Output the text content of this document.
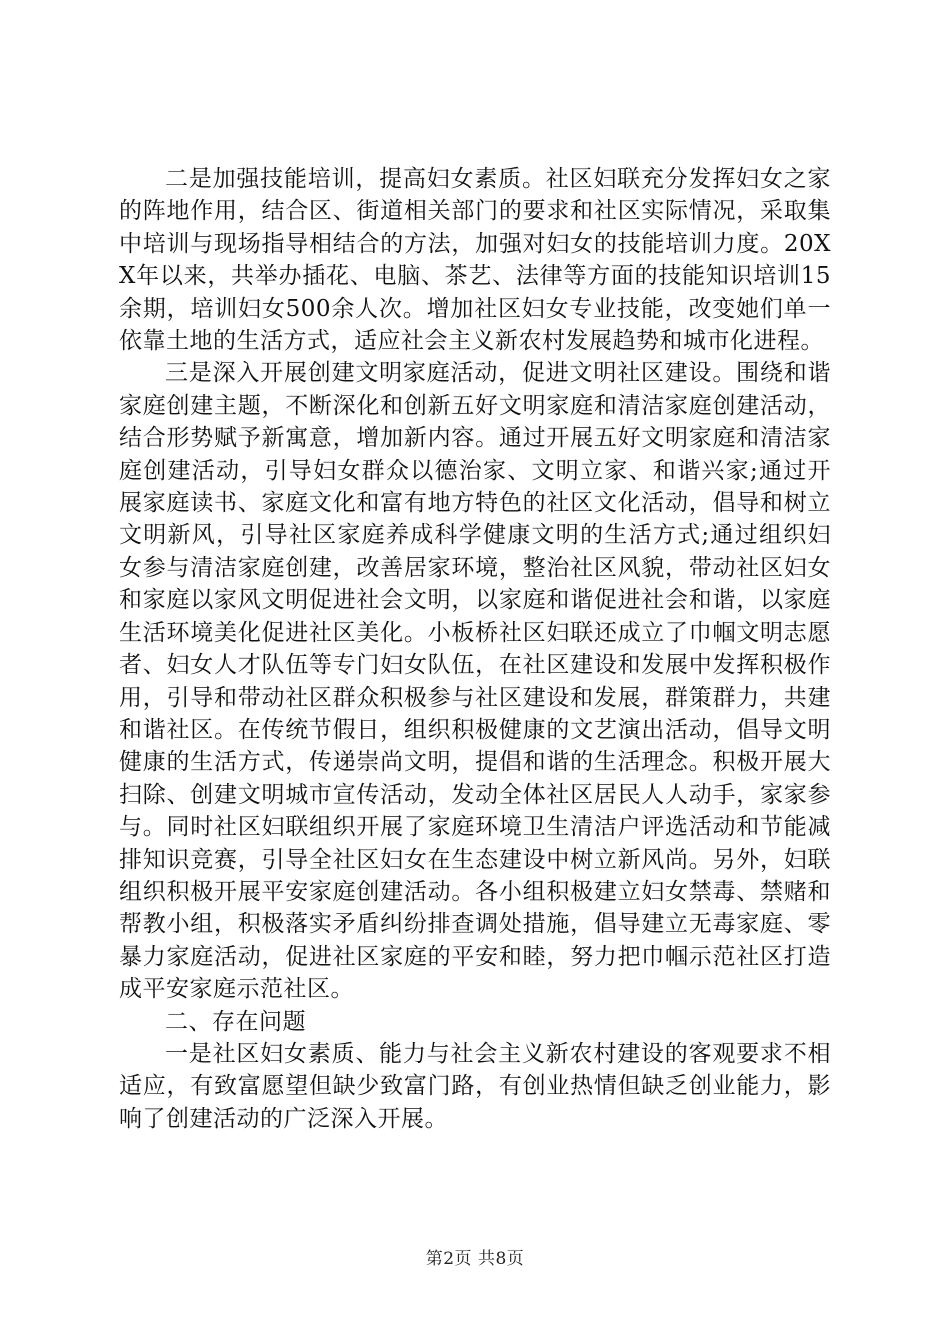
二是加强技能培训，提高妇女素质。社区妇联充分发挥妇女之家的阵地作用，结合区、街道相关部门的要求和社区实际情况，采取集中培训与现场指导相结合的方法，加强对妇女的技能培训力度。20XX年以来，共举办插花、电脑、茶艺、法律等方面的技能知识培训15余期，培训妇女500余人次。增加社区妇女专业技能，改变她们单一依靠土地的生活方式，适应社会主义新农村发展趋势和城市化进程。

三是深入开展创建文明家庭活动，促进文明社区建设。围绕和谐家庭创建主题，不断深化和创新五好文明家庭和清洁家庭创建活动，结合形势赋予新寓意，增加新内容。通过开展五好文明家庭和清洁家庭创建活动，引导妇女群众以德治家、文明立家、和谐兴家;通过开展家庭读书、家庭文化和富有地方特色的社区文化活动，倡导和树立文明新风，引导社区家庭养成科学健康文明的生活方式;通过组织妇女参与清洁家庭创建，改善居家环境，整治社区风貌，带动社区妇女和家庭以家风文明促进社会文明，以家庭和谐促进社会和谐，以家庭生活环境美化促进社区美化。小板桥社区妇联还成立了巾帼文明志愿者、妇女人才队伍等专门妇女队伍，在社区建设和发展中发挥积极作用，引导和带动社区群众积极参与社区建设和发展，群策群力，共建和谐社区。在传统节假日，组织积极健康的文艺演出活动，倡导文明健康的生活方式，传递崇尚文明，提倡和谐的生活理念。积极开展大扫除、创建文明城市宣传活动，发动全体社区居民人人动手，家家参与。同时社区妇联组织开展了家庭环境卫生清洁户评选活动和节能减排知识竞赛，引导全社区妇女在生态建设中树立新风尚。另外，妇联组织积极开展平安家庭创建活动。各小组积极建立妇女禁毒、禁赌和帮教小组，积极落实矛盾纠纷排查调处措施，倡导建立无毒家庭、零暴力家庭活动，促进社区家庭的平安和睦，努力把巾帼示范社区打造成平安家庭示范社区。

二、存在问题

一是社区妇女素质、能力与社会主义新农村建设的客观要求不相适应，有致富愿望但缺少致富门路，有创业热情但缺乏创业能力，影响了创建活动的广泛深入开展。

第2页 共8页
